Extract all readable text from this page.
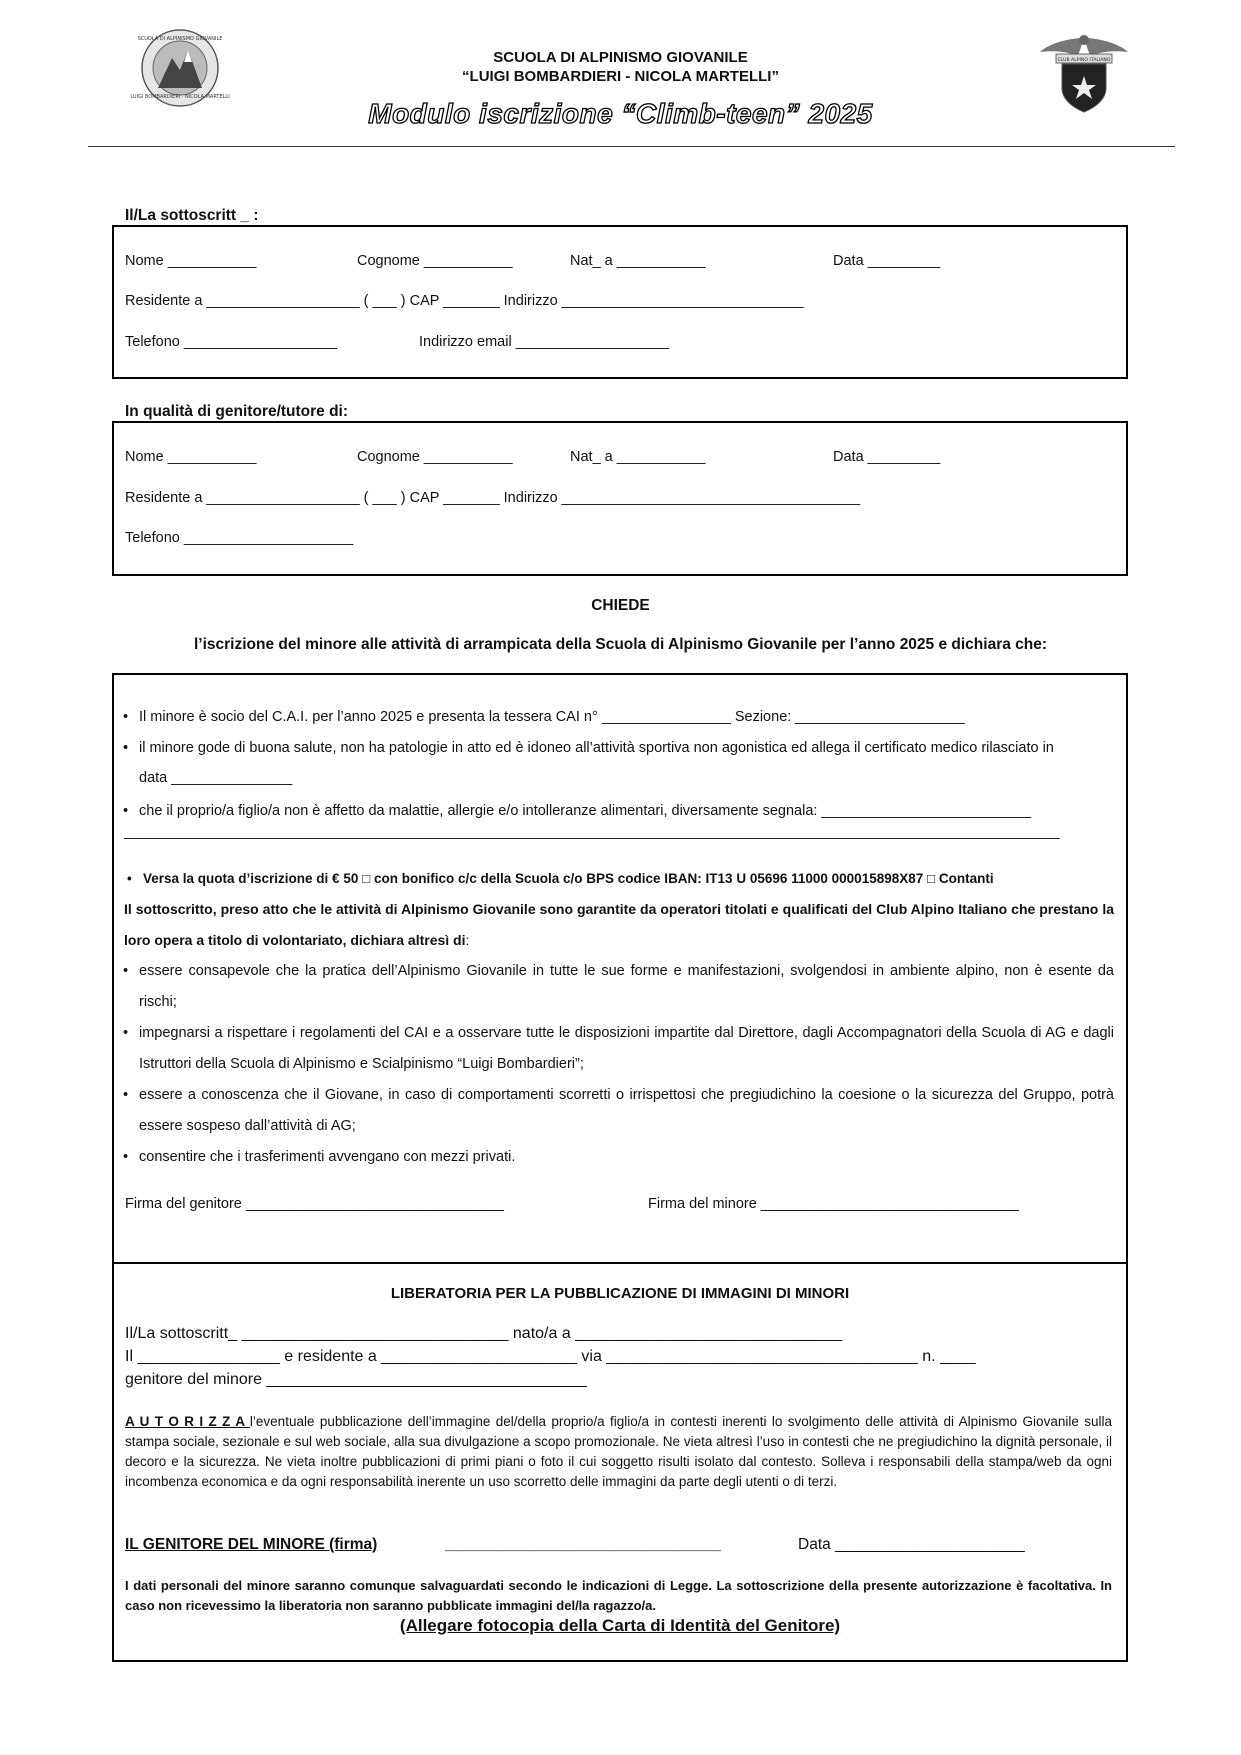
LUIGI BOMBARDIERI · NICOLA MARTELLI
SCUOLA DI ALPINISMO GIOVANILE
SCUOLA DI ALPINISMO GIOVANILE
“LUIGI BOMBARDIERI - NICOLA MARTELLI”
Modulo iscrizione “Climb-teen” 2025
CLUB ALPINO ITALIANO
Il/La sottoscritt _ :
Nome ___________	Cognome ___________	Nat_ a ___________	Data _________
Residente a ___________________ ( ___ ) CAP _______ Indirizzo ______________________________
Telefono ___________________	Indirizzo email ___________________
In qualità di genitore/tutore di:
Nome ___________	Cognome ___________	Nat_ a ___________	Data _________
Residente a ___________________ ( ___ ) CAP _______ Indirizzo _____________________________________
Telefono _____________________
CHIEDE
l’iscrizione del minore alle attività di arrampicata della Scuola di Alpinismo Giovanile per l’anno 2025 e dichiara che:
• Il minore è socio del C.A.I. per l’anno 2025 e presenta la tessera CAI n° ________________ Sezione: _____________________
• il minore gode di buona salute, non ha patologie in atto ed è idoneo all’attività sportiva non agonistica ed allega il certificato medico rilasciato in
data _______________
• che il proprio/a figlio/a non è affetto da malattie, allergie e/o intolleranze alimentari, diversamente segnala: __________________________
____________________________________________________________________________________________________________________
• Versa la quota d’iscrizione di € 50 □ con bonifico c/c della Scuola c/o BPS codice IBAN: IT13 U 05696 11000 000015898X87 □ Contanti
Il sottoscritto, preso atto che le attività di Alpinismo Giovanile sono garantite da operatori titolati e qualificati del Club Alpino Italiano che prestano la loro opera a titolo di volontariato, dichiara altresì di:
• essere consapevole che la pratica dell’Alpinismo Giovanile in tutte le sue forme e manifestazioni, svolgendosi in ambiente alpino, non è esente da rischi;
• impegnarsi a rispettare i regolamenti del CAI e a osservare tutte le disposizioni impartite dal Direttore, dagli Accompagnatori della Scuola di AG e dagli Istruttori della Scuola di Alpinismo e Scialpinismo “Luigi Bombardieri”;
• essere a conoscenza che il Giovane, in caso di comportamenti scorretti o irrispettosi che pregiudichino la coesione o la sicurezza del Gruppo, potrà essere sospeso dall’attività di AG;
• consentire che i trasferimenti avvengano con mezzi privati.
Firma del genitore ________________________________	Firma del minore ________________________________
LIBERATORIA PER LA PUBBLICAZIONE DI IMMAGINI DI MINORI
Il/La sottoscritt_ ______________________________ nato/a a ______________________________
Il ________________ e residente a ______________________ via ___________________________________ n. ____
genitore del minore ____________________________________
A U T O R I Z Z A l’eventuale pubblicazione dell’immagine del/della proprio/a figlio/a in contesti inerenti lo svolgimento delle attività di Alpinismo Giovanile sulla stampa sociale, sezionale e sul web sociale, alla sua divulgazione a scopo promozionale. Ne vieta altresì l’uso in contesti che ne pregiudichino la dignità personale, il decoro e la sicurezza. Ne vieta inoltre pubblicazioni di primi piani o foto il cui soggetto risulti isolato dal contesto. Solleva i responsabili della stampa/web da ogni incombenza economica e da ogni responsabilità inerente un uso scorretto delle immagini da parte degli utenti o di terzi.
IL GENITORE DEL MINORE (firma)	________________________________	Data ______________________
I dati personali del minore saranno comunque salvaguardati secondo le indicazioni di Legge. La sottoscrizione della presente autorizzazione è facoltativa. In caso non ricevessimo la liberatoria non saranno pubblicate immagini del/la ragazzo/a.
(Allegare fotocopia della Carta di Identità del Genitore)
